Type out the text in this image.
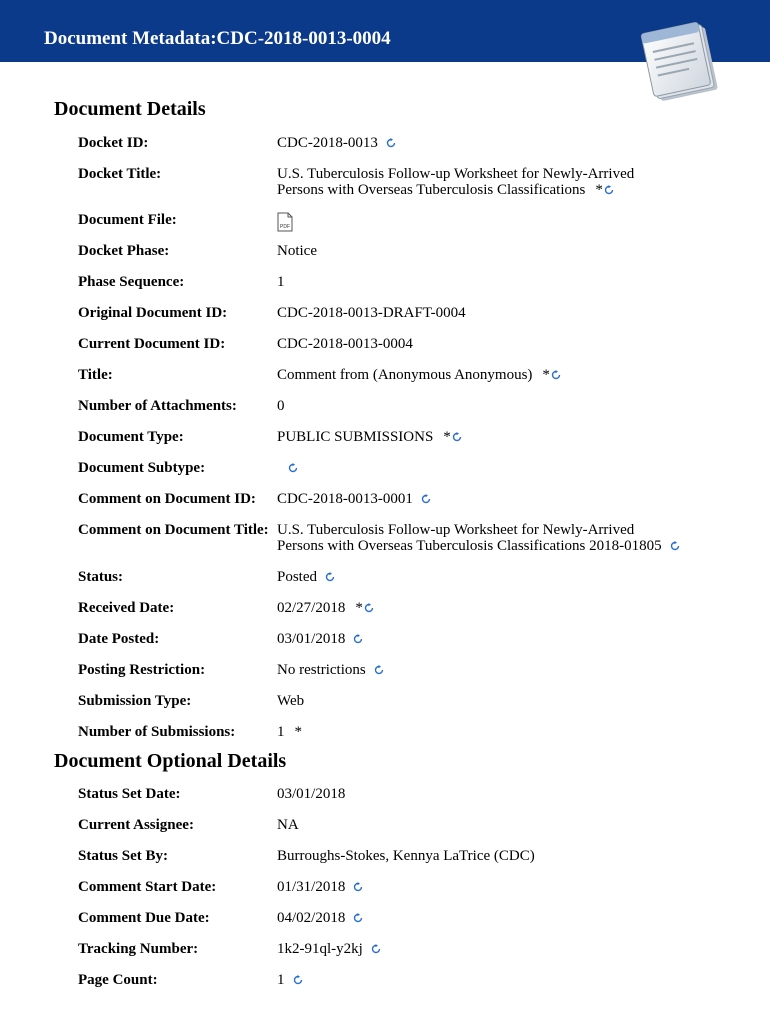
Document Metadata:CDC-2018-0013-0004
Document Details
Docket ID:	CDC-2018-0013
Docket Title:	U.S. Tuberculosis Follow-up Worksheet for Newly-Arrived
Persons with Overseas Tuberculosis Classifications *
Document File:	PDF
Docket Phase:	Notice
Phase Sequence:	1
Original Document ID:	CDC-2018-0013-DRAFT-0004
Current Document ID:	CDC-2018-0013-0004
Title:	Comment from (Anonymous Anonymous) *
Number of Attachments:	0
Document Type:	PUBLIC SUBMISSIONS *
Document Subtype:
Comment on Document ID: CDC-2018-0013-0001
Comment on Document Title: U.S. Tuberculosis Follow-up Worksheet for Newly-Arrived
Persons with Overseas Tuberculosis Classifications 2018-01805
Status:	Posted
Received Date:	02/27/2018 *
Date Posted:	03/01/2018
Posting Restriction:	No restrictions
Submission Type:	Web
Number of Submissions:	1 *
Document Optional Details
Status Set Date:	03/01/2018
Current Assignee:	NA
Status Set By:	Burroughs-Stokes, Kennya LaTrice (CDC)
Comment Start Date:	01/31/2018
Comment Due Date:	04/02/2018
Tracking Number:	1k2-91ql-y2kj
Page Count:	1
